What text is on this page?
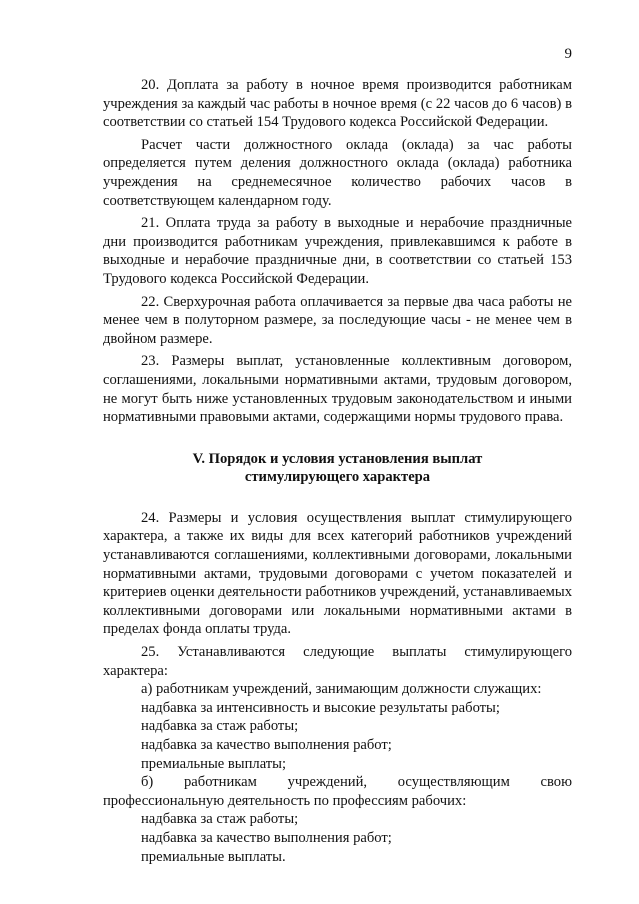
9

20. Доплата за работу в ночное время производится работникам учреждения за каждый час работы в ночное время (с 22 часов до 6 часов) в соответствии со статьей 154 Трудового кодекса Российской Федерации.

Расчет части должностного оклада (оклада) за час работы определяется путем деления должностного оклада (оклада) работника учреждения на среднемесячное количество рабочих часов в соответствующем календарном году.

21. Оплата труда за работу в выходные и нерабочие праздничные дни производится работникам учреждения, привлекавшимся к работе в выходные и нерабочие праздничные дни, в соответствии со статьей 153 Трудового кодекса Российской Федерации.

22. Сверхурочная работа оплачивается за первые два часа работы не менее чем в полуторном размере, за последующие часы - не менее чем в двойном размере.

23. Размеры выплат, установленные коллективным договором, соглашениями, локальными нормативными актами, трудовым договором, не могут быть ниже установленных трудовым законодательством и иными нормативными правовыми актами, содержащими нормы трудового права.

V. Порядок и условия установления выплат
стимулирующего характера

24. Размеры и условия осуществления выплат стимулирующего характера, а также их виды для всех категорий работников учреждений устанавливаются соглашениями, коллективными договорами, локальными нормативными актами, трудовыми договорами с учетом показателей и критериев оценки деятельности работников учреждений, устанавливаемых коллективными договорами или локальными нормативными актами в пределах фонда оплаты труда.

25. Устанавливаются следующие выплаты стимулирующего характера:

а) работникам учреждений, занимающим должности служащих:

надбавка за интенсивность и высокие результаты работы;

надбавка за стаж работы;

надбавка за качество выполнения работ;

премиальные выплаты;

б) работникам учреждений, осуществляющим свою профессиональную деятельность по профессиям рабочих:

надбавка за стаж работы;

надбавка за качество выполнения работ;

премиальные выплаты.
